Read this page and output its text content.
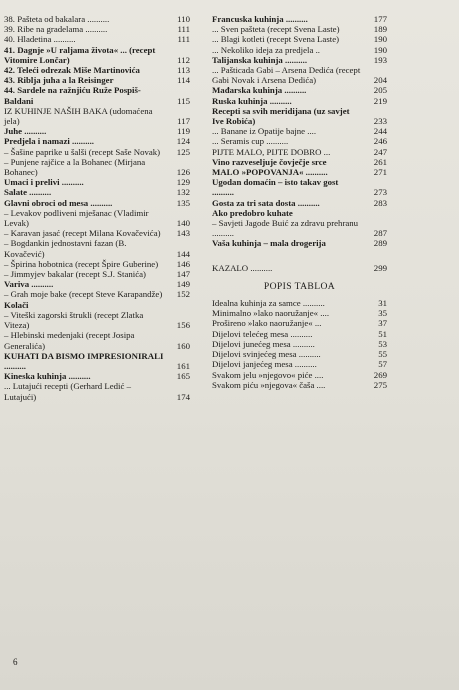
38. Pašteta od bakalara ..........	110
39. Ribe na gradelama ..........	111
40. Hladetina ..........	111
41. Dagnje »U raljama života« ... (recept Vitomire Lončar)	112
42. Teleći odrezak Miše Martinovića	113
43. Riblja juha a la Reisinger	114
44. Sardele na ražnjiću Ruže Pospiš-Baldani	115
IZ KUHINJE NAŠIH BAKA (udomaćena jela)	117
Juhe ..........	119
Predjela i namazi ..........	124
– Šašine paprike u šalši (recept Saše Novak)	125
– Punjene rajčice a la Bohanec (Mirjana Bohanec)	126
Umaci i prelivi ..........	129
Salate ..........	132
Glavni obroci od mesa ..........	135
– Levakov podliveni mješanac (Vladimir Levak)	140
– Karavan jasać (recept Milana Kovačevića)	143
– Bogdankin jednostavni fazan (B. Kovačević)	144
– Špirina hobotnica (recept Špire Guberine)	146
– Jimmyjev bakalar (recept S.J. Stanića)	147
Variva ..........	149
– Grah moje bake (recept Steve Karapandže)	152
Kolači
– Viteški zagorski štrukli (recept Zlatka Viteza)	156
– Hlebinski medenjaki (recept Josipa Generalića)	160
KUHATI DA BISMO IMPRESIONIRALI ..........	161
Kineska kuhinja ..........	165
... Lutajući recepti (Gerhard Ledić – Lutajući)	174
Francuska kuhinja ..........	177
... Sven pašteta (recept Svena Laste)	189
... Blagi kotleti (recept Svena Laste)	190
... Nekoliko ideja za predjela ..	190
Talijanska kuhinja ..........	193
... Pašticada Gabi – Arsena Dedića (recept Gabi Novak i Arsena Dedića)	204
Mađarska kuhinja ..........	205
Ruska kuhinja ..........	219
Recepti sa svih meridijana (uz savjet Ive Robića)	233
... Banane iz Opatije bajne ....	244
... Seramis cup ..........	246
PIJTE MALO, PIJTE DOBRO ...	247
Vino razveseljuje čovječje srce	261
MALO »POPOVANJA« ..........	271
Ugodan domaćin – isto takav gost ..........	273
Gosta za tri sata dosta ..........	283
Ako predobro kuhate
– Savjeti Jagode Buić za zdravu prehranu ..........	287
Vaša kuhinja – mala drogerija	289
KAZALO ..........	299
POPIS TABLOA
Idealna kuhinja za samce ..........	31
Minimalno »lako naoružanje« ....	35
Prošireno »lako naoružanje« ...	37
Dijelovi telećeg mesa ..........	51
Dijelovi junećeg mesa ..........	53
Dijelovi svinjećeg mesa ..........	55
Dijelovi janjećeg mesa ..........	57
Svakom jelu »njegovo« piće ....	269
Svakom piću »njegova« čaša ....	275
6
